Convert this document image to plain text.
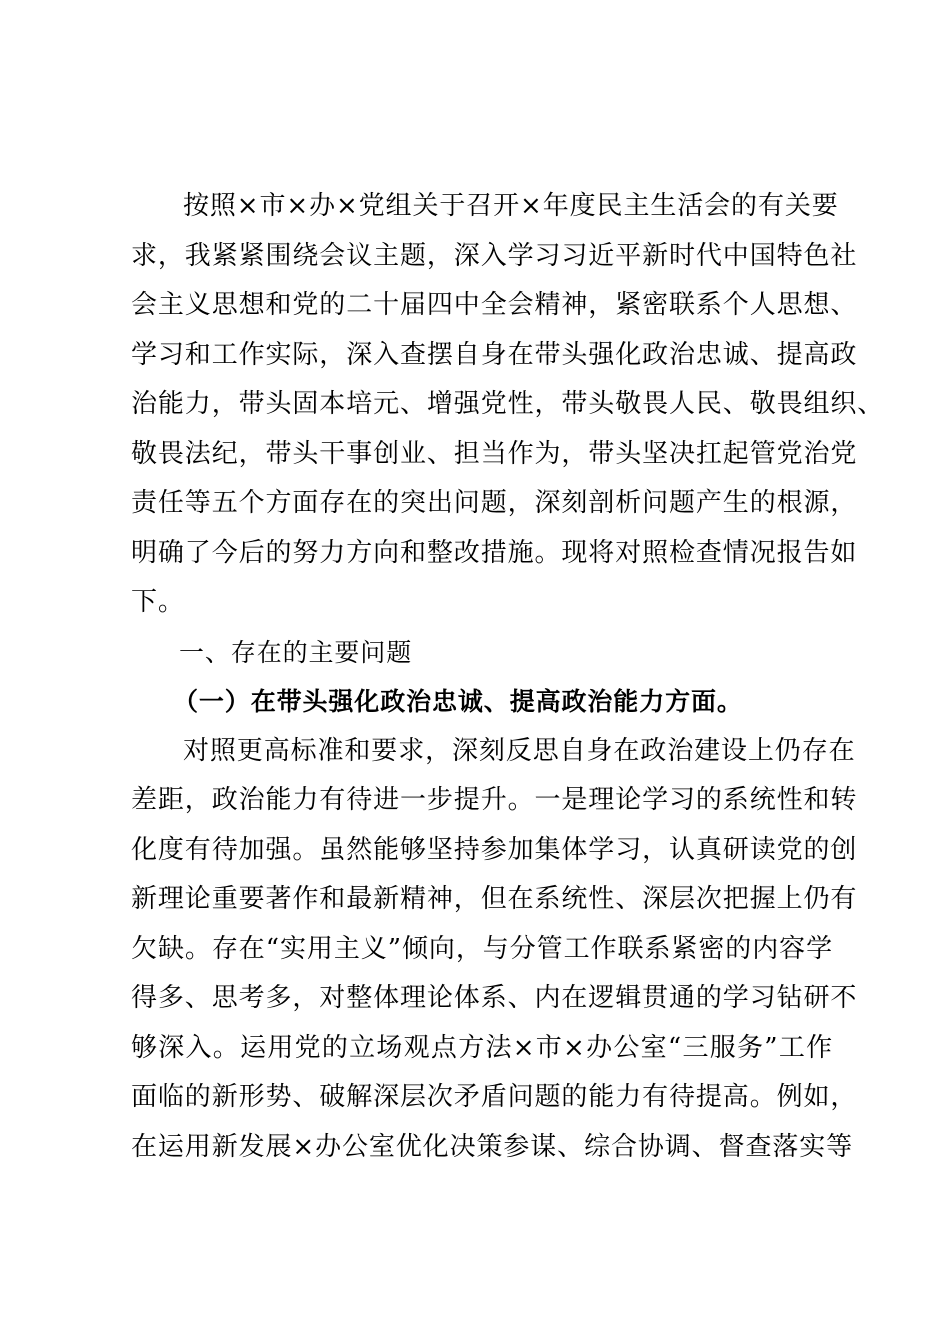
按照×市×办×党组关于召开×年度民主生活会的有关要
求，我紧紧围绕会议主题，深入学习习近平新时代中国特色社
会主义思想和党的二十届四中全会精神，紧密联系个人思想、
学习和工作实际，深入查摆自身在带头强化政治忠诚、提高政
治能力，带头固本培元、增强党性，带头敬畏人民、敬畏组织、
敬畏法纪，带头干事创业、担当作为，带头坚决扛起管党治党
责任等五个方面存在的突出问题，深刻剖析问题产生的根源，
明确了今后的努力方向和整改措施。现将对照检查情况报告如
下。
一、存在的主要问题
（一）在带头强化政治忠诚、提高政治能力方面。
对照更高标准和要求，深刻反思自身在政治建设上仍存在
差距，政治能力有待进一步提升。一是理论学习的系统性和转
化度有待加强。虽然能够坚持参加集体学习，认真研读党的创
新理论重要著作和最新精神，但在系统性、深层次把握上仍有
欠缺。存在“实用主义”倾向，与分管工作联系紧密的内容学
得多、思考多，对整体理论体系、内在逻辑贯通的学习钻研不
够深入。运用党的立场观点方法×市×办公室“三服务”工作
面临的新形势、破解深层次矛盾问题的能力有待提高。例如，
在运用新发展×办公室优化决策参谋、综合协调、督查落实等
